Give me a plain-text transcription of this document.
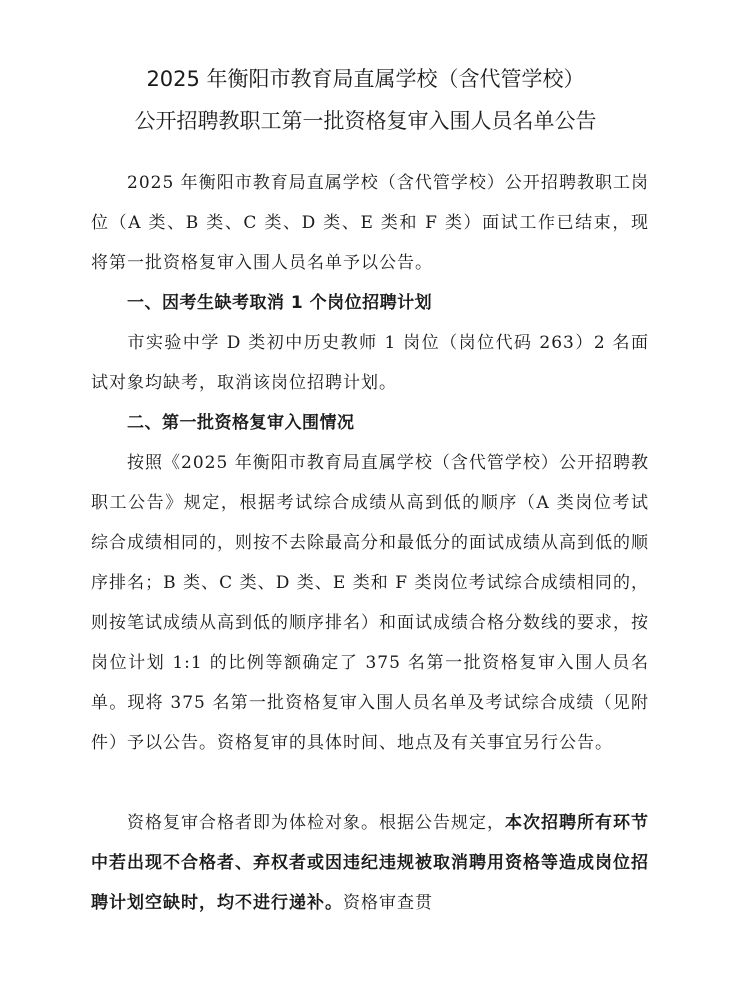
2025 年衡阳市教育局直属学校（含代管学校）
公开招聘教职工第一批资格复审入围人员名单公告
2025 年衡阳市教育局直属学校（含代管学校）公开招聘教职工岗位（A 类、B 类、C 类、D 类、E 类和 F 类）面试工作已结束，现将第一批资格复审入围人员名单予以公告。
一、因考生缺考取消 1 个岗位招聘计划
市实验中学 D 类初中历史教师 1 岗位（岗位代码 263）2 名面试对象均缺考，取消该岗位招聘计划。
二、第一批资格复审入围情况
按照《2025 年衡阳市教育局直属学校（含代管学校）公开招聘教职工公告》规定，根据考试综合成绩从高到低的顺序（A 类岗位考试综合成绩相同的，则按不去除最高分和最低分的面试成绩从高到低的顺序排名；B 类、C 类、D 类、E 类和 F 类岗位考试综合成绩相同的，则按笔试成绩从高到低的顺序排名）和面试成绩合格分数线的要求，按岗位计划 1:1 的比例等额确定了 375 名第一批资格复审入围人员名单。现将 375 名第一批资格复审入围人员名单及考试综合成绩（见附件）予以公告。资格复审的具体时间、地点及有关事宜另行公告。
资格复审合格者即为体检对象。根据公告规定，本次招聘所有环节中若出现不合格者、弃权者或因违纪违规被取消聘用资格等造成岗位招聘计划空缺时，均不进行递补。资格审查贯
